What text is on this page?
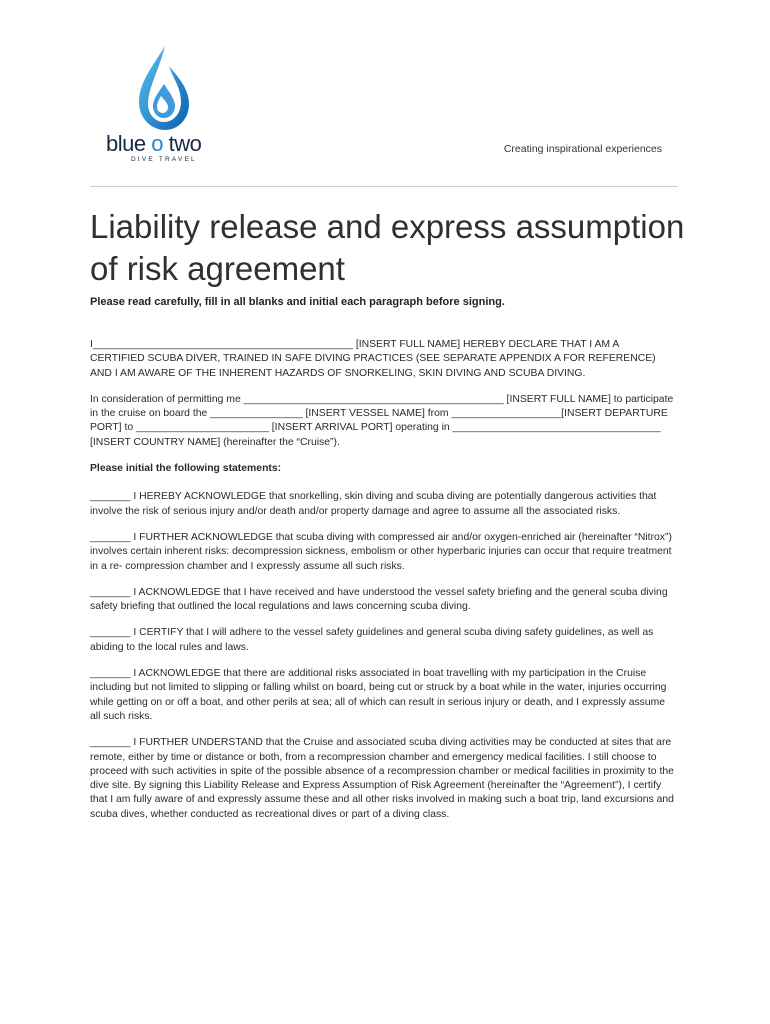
blue o two
DIVE TRAVEL
Creating inspirational experiences
Liability release and express assumption of risk agreement
Please read carefully, fill in all blanks and initial each paragraph before signing.

I_____________________________________________ [INSERT FULL NAME] HEREBY DECLARE THAT I AM A CERTIFIED SCUBA DIVER, TRAINED IN SAFE DIVING PRACTICES (SEE SEPARATE APPENDIX A FOR REFERENCE) AND I AM AWARE OF THE INHERENT HAZARDS OF SNORKELING, SKIN DIVING AND SCUBA DIVING.

In consideration of permitting me _____________________________________________ [INSERT FULL NAME] to participate in the cruise on board the ________________ [INSERT VESSEL NAME] from ___________________[INSERT DEPARTURE PORT] to _______________________ [INSERT ARRIVAL PORT] operating in ____________________________________ [INSERT COUNTRY NAME] (hereinafter the “Cruise”).

Please initial the following statements:

_______ I HEREBY ACKNOWLEDGE that snorkelling, skin diving and scuba diving are potentially dangerous activities that involve the risk of serious injury and/or death and/or property damage and agree to assume all the associated risks.

_______ I FURTHER ACKNOWLEDGE that scuba diving with compressed air and/or oxygen-enriched air (hereinafter “Nitrox”) involves certain inherent risks: decompression sickness, embolism or other hyperbaric injuries can occur that require treatment in a re- compression chamber and I expressly assume all such risks.

_______ I ACKNOWLEDGE that I have received and have understood the vessel safety briefing and the general scuba diving safety briefing that outlined the local regulations and laws concerning scuba diving.

_______ I CERTIFY that I will adhere to the vessel safety guidelines and general scuba diving safety guidelines, as well as abiding to the local rules and laws.

_______ I ACKNOWLEDGE that there are additional risks associated in boat travelling with my participation in the Cruise including but not limited to slipping or falling whilst on board, being cut or struck by a boat while in the water, injuries occurring while getting on or off a boat, and other perils at sea; all of which can result in serious injury or death, and I expressly assume all such risks.

_______ I FURTHER UNDERSTAND that the Cruise and associated scuba diving activities may be conducted at sites that are remote, either by time or distance or both, from a recompression chamber and emergency medical facilities. I still choose to proceed with such activities in spite of the possible absence of a recompression chamber or medical facilities in proximity to the dive site. By signing this Liability Release and Express Assumption of Risk Agreement (hereinafter the “Agreement”), I certify that I am fully aware of and expressly assume these and all other risks involved in making such a boat trip, land excursions and scuba dives, whether conducted as recreational dives or part of a diving class.
